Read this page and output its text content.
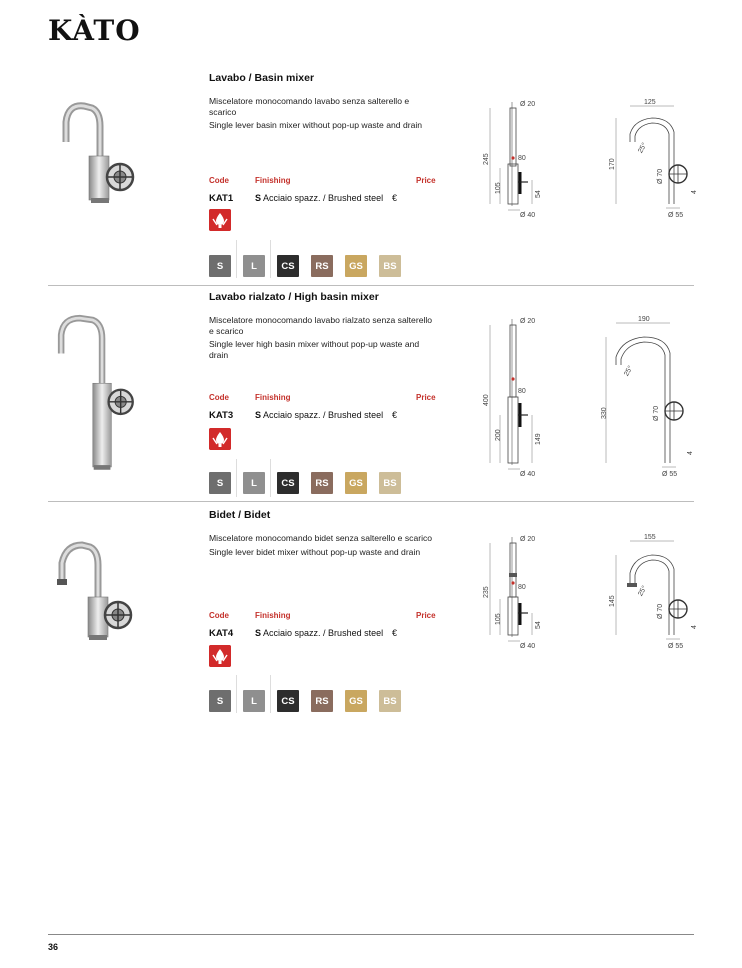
KÀTO
Lavabo / Basin mixer

Miscelatore monocomando lavabo senza salterello e scarico

Single lever basin mixer without pop-up waste and drain

Code	Finishing	Price
KAT1 S Acciaio spazz. / Brushed steel €
S	L	CS	RS	GS	BS
Ø 20
245
105
80
54
Ø 40
125
170
25°
Ø 70
4
Ø 55
Lavabo rialzato / High basin mixer

Miscelatore monocomando lavabo rialzato senza salterello e scarico

Single lever high basin mixer without pop-up waste and drain

Code	Finishing	Price
KAT3 S Acciaio spazz. / Brushed steel €
S	L	CS	RS	GS	BS
Ø 20
400
200
80
149
Ø 40
190
330
25°
Ø 70
4
Ø 55
Bidet / Bidet

Miscelatore monocomando bidet senza salterello e scarico

Single lever bidet mixer without pop-up waste and drain

Code	Finishing	Price
KAT4 S Acciaio spazz. / Brushed steel €
S	L	CS	RS	GS	BS
Ø 20
235
105
80
54
Ø 40
155
145
25°
Ø 70
4
Ø 55
36
